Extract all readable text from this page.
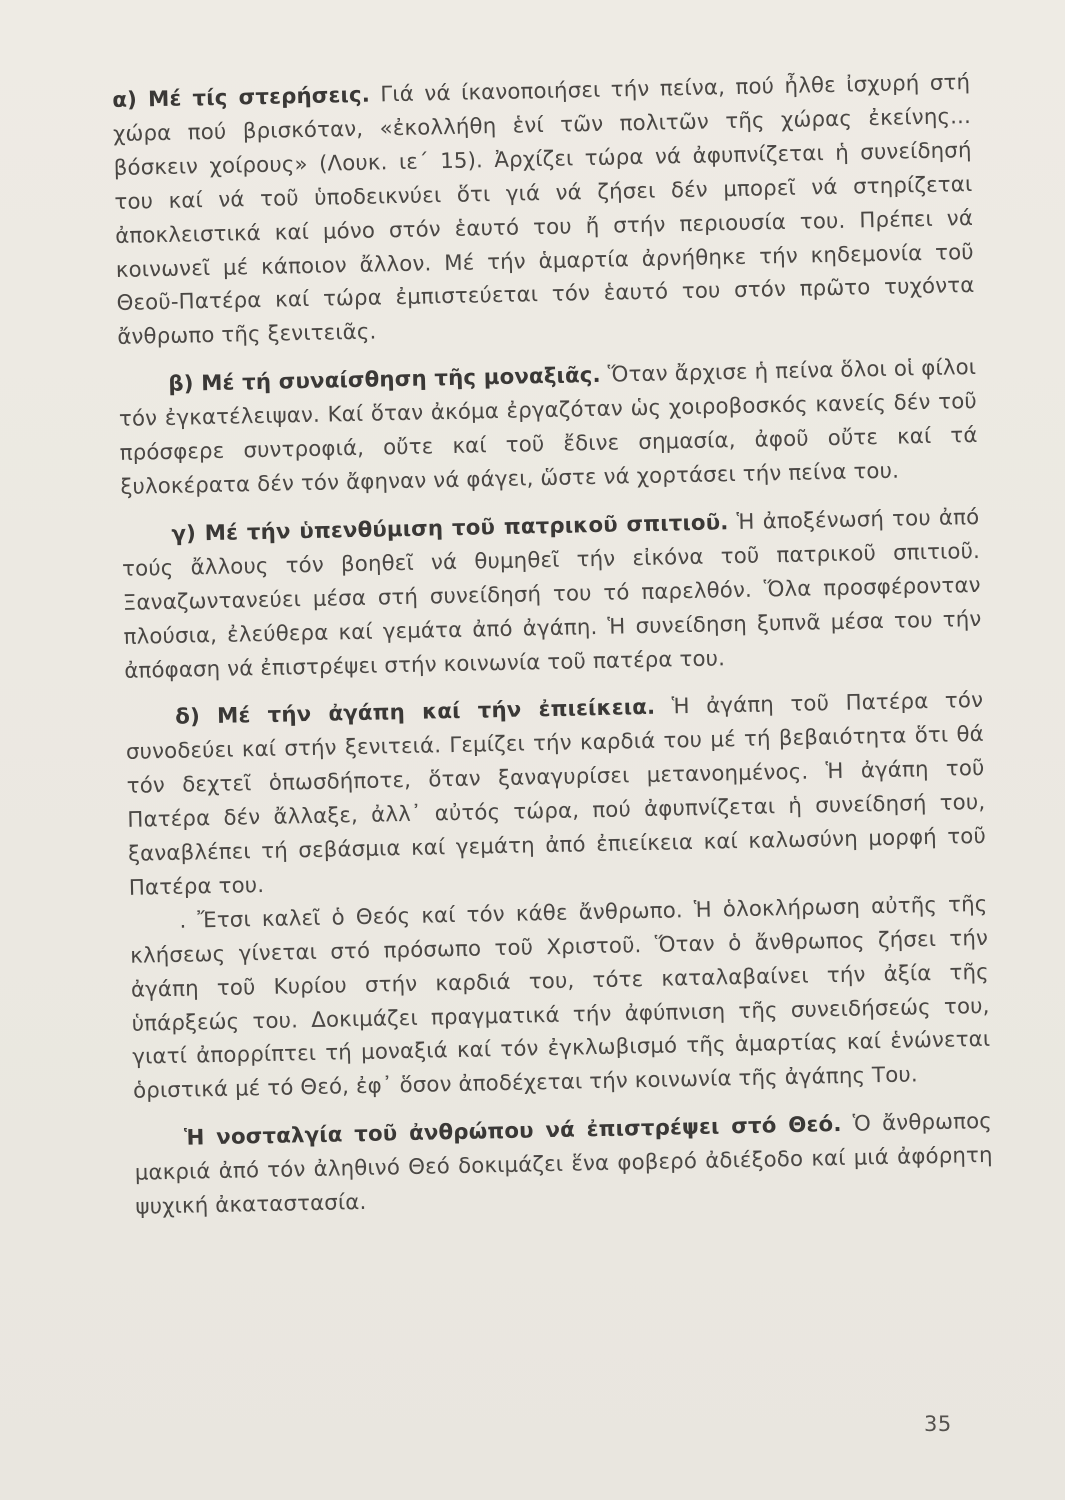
α) Μέ τίς στερήσεις. Γιά νά ίκανοποιήσει τήν πείνα, πού ἦλθε ἰσχυρή στή χώρα πού βρισκόταν, «ἐκολλήθη ἑνί τῶν πολιτῶν τῆς χώρας ἐκείνης... βόσκειν χοίρους» (Λουκ. ιε´ 15). Ἀρχίζει τώρα νά ἀφυπνίζεται ἡ συνείδησή του καί νά τοῦ ὑποδεικνύει ὅτι γιά νά ζήσει δέν μπορεῖ νά στηρίζεται ἀποκλειστικά καί μόνο στόν ἑαυτό του ἤ στήν περιουσία του. Πρέπει νά κοινωνεῖ μέ κάποιον ἄλλον. Μέ τήν ἁμαρτία ἀρνήθηκε τήν κηδεμονία τοῦ Θεοῦ-Πατέρα καί τώρα ἐμπιστεύεται τόν ἑαυτό του στόν πρῶτο τυχόντα ἄνθρωπο τῆς ξενιτειᾶς.

β) Μέ τή συναίσθηση τῆς μοναξιᾶς. Ὅταν ἄρχισε ἡ πείνα ὅλοι οἱ φίλοι τόν ἐγκατέλειψαν. Καί ὅταν ἀκόμα ἐργαζόταν ὡς χοιροβοσκός κανείς δέν τοῦ πρόσφερε συντροφιά, οὔτε καί τοῦ ἔδινε σημασία, ἀφοῦ οὔτε καί τά ξυλοκέρατα δέν τόν ἄφηναν νά φάγει, ὥστε νά χορτάσει τήν πείνα του.

γ) Μέ τήν ὑπενθύμιση τοῦ πατρικοῦ σπιτιοῦ. Ἡ ἀποξένωσή του ἀπό τούς ἄλλους τόν βοηθεῖ νά θυμηθεῖ τήν εἰκόνα τοῦ πατρικοῦ σπιτιοῦ. Ξαναζωντανεύει μέσα στή συνείδησή του τό παρελθόν. Ὅλα προσφέρονταν πλούσια, ἐλεύθερα καί γεμάτα ἀπό ἀγάπη. Ἡ συνείδηση ξυπνᾶ μέσα του τήν ἀπόφαση νά ἐπιστρέψει στήν κοινωνία τοῦ πατέρα του.

δ) Μέ τήν ἀγάπη καί τήν ἐπιείκεια. Ἡ ἀγάπη τοῦ Πατέρα τόν συνοδεύει καί στήν ξενιτειά. Γεμίζει τήν καρδιά του μέ τή βεβαιότητα ὅτι θά τόν δεχτεῖ ὁπωσδήποτε, ὅταν ξαναγυρίσει μετανοημένος. Ἡ ἀγάπη τοῦ Πατέρα δέν ἄλλαξε, ἀλλ᾽ αὐτός τώρα, πού ἀφυπνίζεται ἡ συνείδησή του, ξαναβλέπει τή σεβάσμια καί γεμάτη ἀπό ἐπιείκεια καί καλωσύνη μορφή τοῦ Πατέρα του.

. Ἔτσι καλεῖ ὁ Θεός καί τόν κάθε ἄνθρωπο. Ἡ ὁλοκλήρωση αὐτῆς τῆς κλήσεως γίνεται στό πρόσωπο τοῦ Χριστοῦ. Ὅταν ὁ ἄνθρωπος ζήσει τήν ἀγάπη τοῦ Κυρίου στήν καρδιά του, τότε καταλαβαίνει τήν ἀξία τῆς ὑπάρξεώς του. Δοκιμάζει πραγματικά τήν ἀφύπνιση τῆς συνειδήσεώς του, γιατί ἀπορρίπτει τή μοναξιά καί τόν ἐγκλωβισμό τῆς ἁμαρτίας καί ἑνώνεται ὁριστικά μέ τό Θεό, ἐφ᾽ ὅσον ἀποδέχεται τήν κοινωνία τῆς ἀγάπης Του.

Ἡ νοσταλγία τοῦ ἀνθρώπου νά ἐπιστρέψει στό Θεό. Ὁ ἄνθρωπος μακριά ἀπό τόν ἀληθινό Θεό δοκιμάζει ἕνα φοβερό ἀδιέξοδο καί μιά ἀφόρητη ψυχική ἀκαταστασία.

35
